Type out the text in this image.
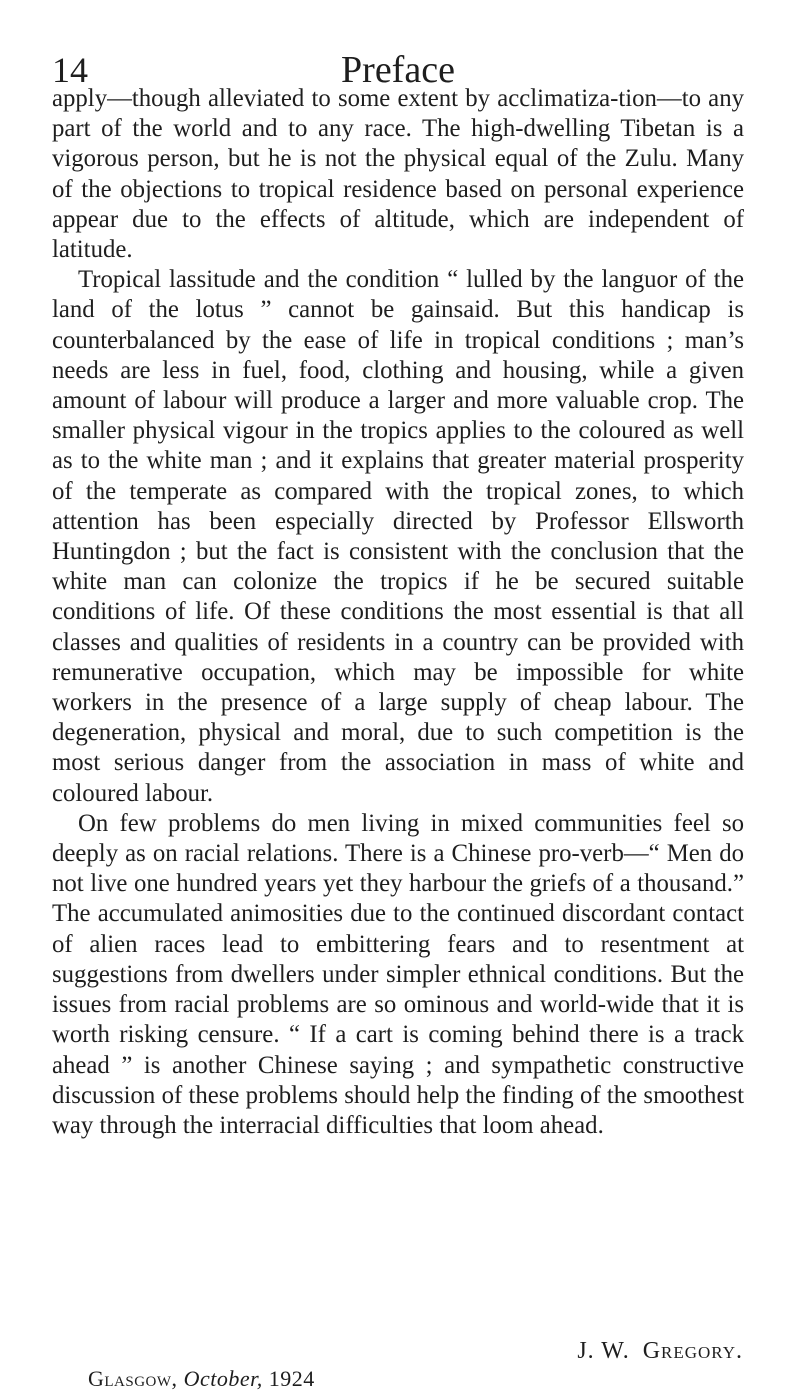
14	Preface

apply—though alleviated to some extent by acclimatiza-tion—to any part of the world and to any race. The high-dwelling Tibetan is a vigorous person, but he is not the physical equal of the Zulu. Many of the objections to tropical residence based on personal experience appear due to the effects of altitude, which are independent of latitude.

Tropical lassitude and the condition “ lulled by the languor of the land of the lotus ” cannot be gainsaid. But this handicap is counterbalanced by the ease of life in tropical conditions ; man’s needs are less in fuel, food, clothing and housing, while a given amount of labour will produce a larger and more valuable crop. The smaller physical vigour in the tropics applies to the coloured as well as to the white man ; and it explains that greater material prosperity of the temperate as compared with the tropical zones, to which attention has been especially directed by Professor Ellsworth Huntingdon ; but the fact is consistent with the conclusion that the white man can colonize the tropics if he be secured suitable conditions of life. Of these conditions the most essential is that all classes and qualities of residents in a country can be provided with remunerative occupation, which may be impossible for white workers in the presence of a large supply of cheap labour. The degeneration, physical and moral, due to such competition is the most serious danger from the association in mass of white and coloured labour.

On few problems do men living in mixed communities feel so deeply as on racial relations. There is a Chinese pro-verb—“ Men do not live one hundred years yet they harbour the griefs of a thousand.” The accumulated animosities due to the continued discordant contact of alien races lead to embittering fears and to resentment at suggestions from dwellers under simpler ethnical conditions. But the issues from racial problems are so ominous and world-wide that it is worth risking censure. “ If a cart is coming behind there is a track ahead ” is another Chinese saying ; and sympathetic constructive discussion of these problems should help the finding of the smoothest way through the interracial difficulties that loom ahead.

J. W. Gregory.
Glasgow, October, 1924
